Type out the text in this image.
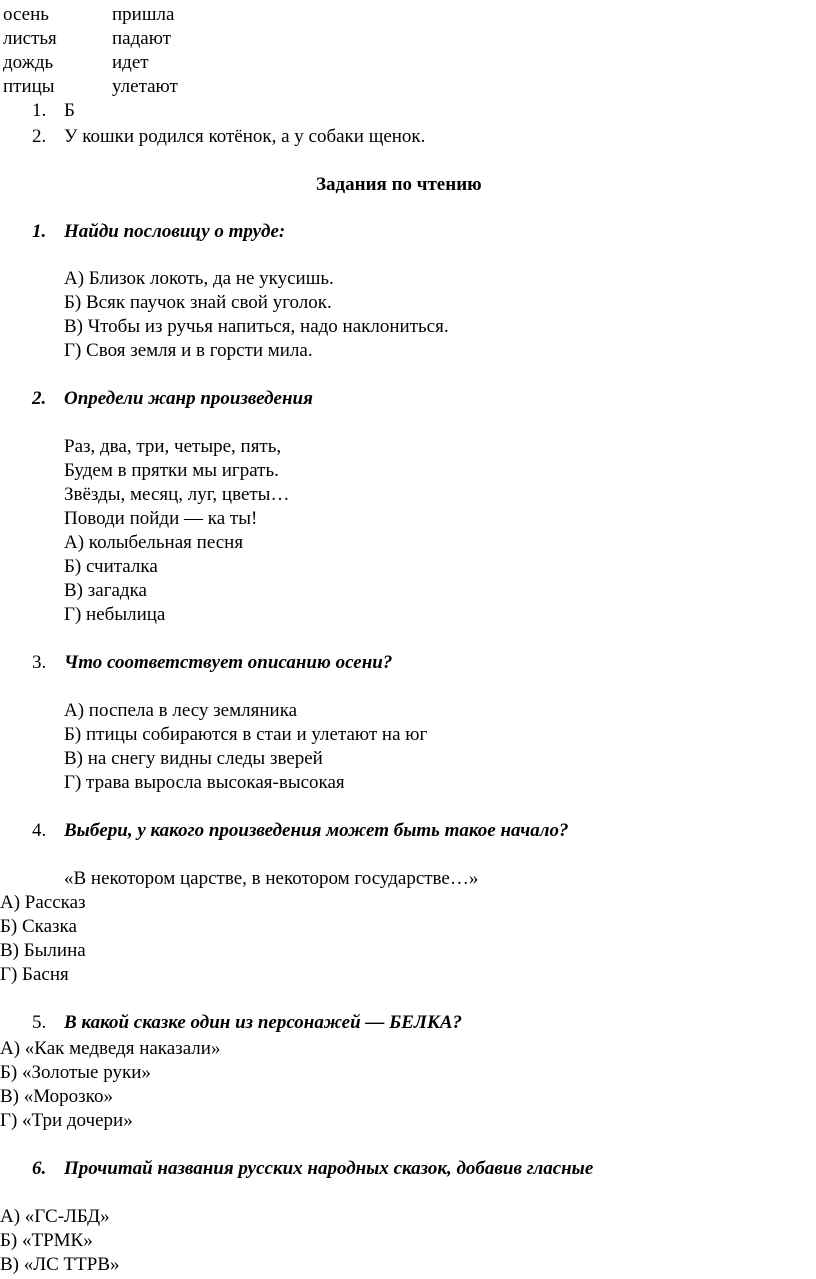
осень	пришла
листья	падают
дождь	идет
птицы	улетают
1. Б
2. У кошки родился котёнок, а у собаки щенок.
Задания по чтению
1. Найди пословицу о труде:
А) Близок локоть, да не укусишь.
Б) Всяк паучок знай свой уголок.
В) Чтобы из ручья напиться, надо наклониться.
Г) Своя земля и в горсти мила.
2. Определи жанр произведения
Раз, два, три, четыре, пять,
Будем в прятки мы играть.
Звёзды, месяц, луг, цветы…
Поводи пойди — ка ты!
А) колыбельная песня
Б) считалка
В) загадка
Г) небылица
3. Что соответствует описанию осени?
А) поспела в лесу земляника
Б) птицы собираются в стаи и улетают на юг
В) на снегу видны следы зверей
Г) трава выросла высокая-высокая
4. Выбери, у какого произведения может быть такое начало?
«В некотором царстве, в некотором государстве…»
А) Рассказ
Б) Сказка
В) Былина
Г) Басня
5. В какой сказке один из персонажей — БЕЛКА?
А) «Как медведя наказали»
Б) «Золотые руки»
В) «Морозко»
Г) «Три дочери»
6. Прочитай названия русских народных сказок, добавив гласные
А) «ГС-ЛБД»
Б) «ТРМК»
В) «ЛС ТТРВ»
